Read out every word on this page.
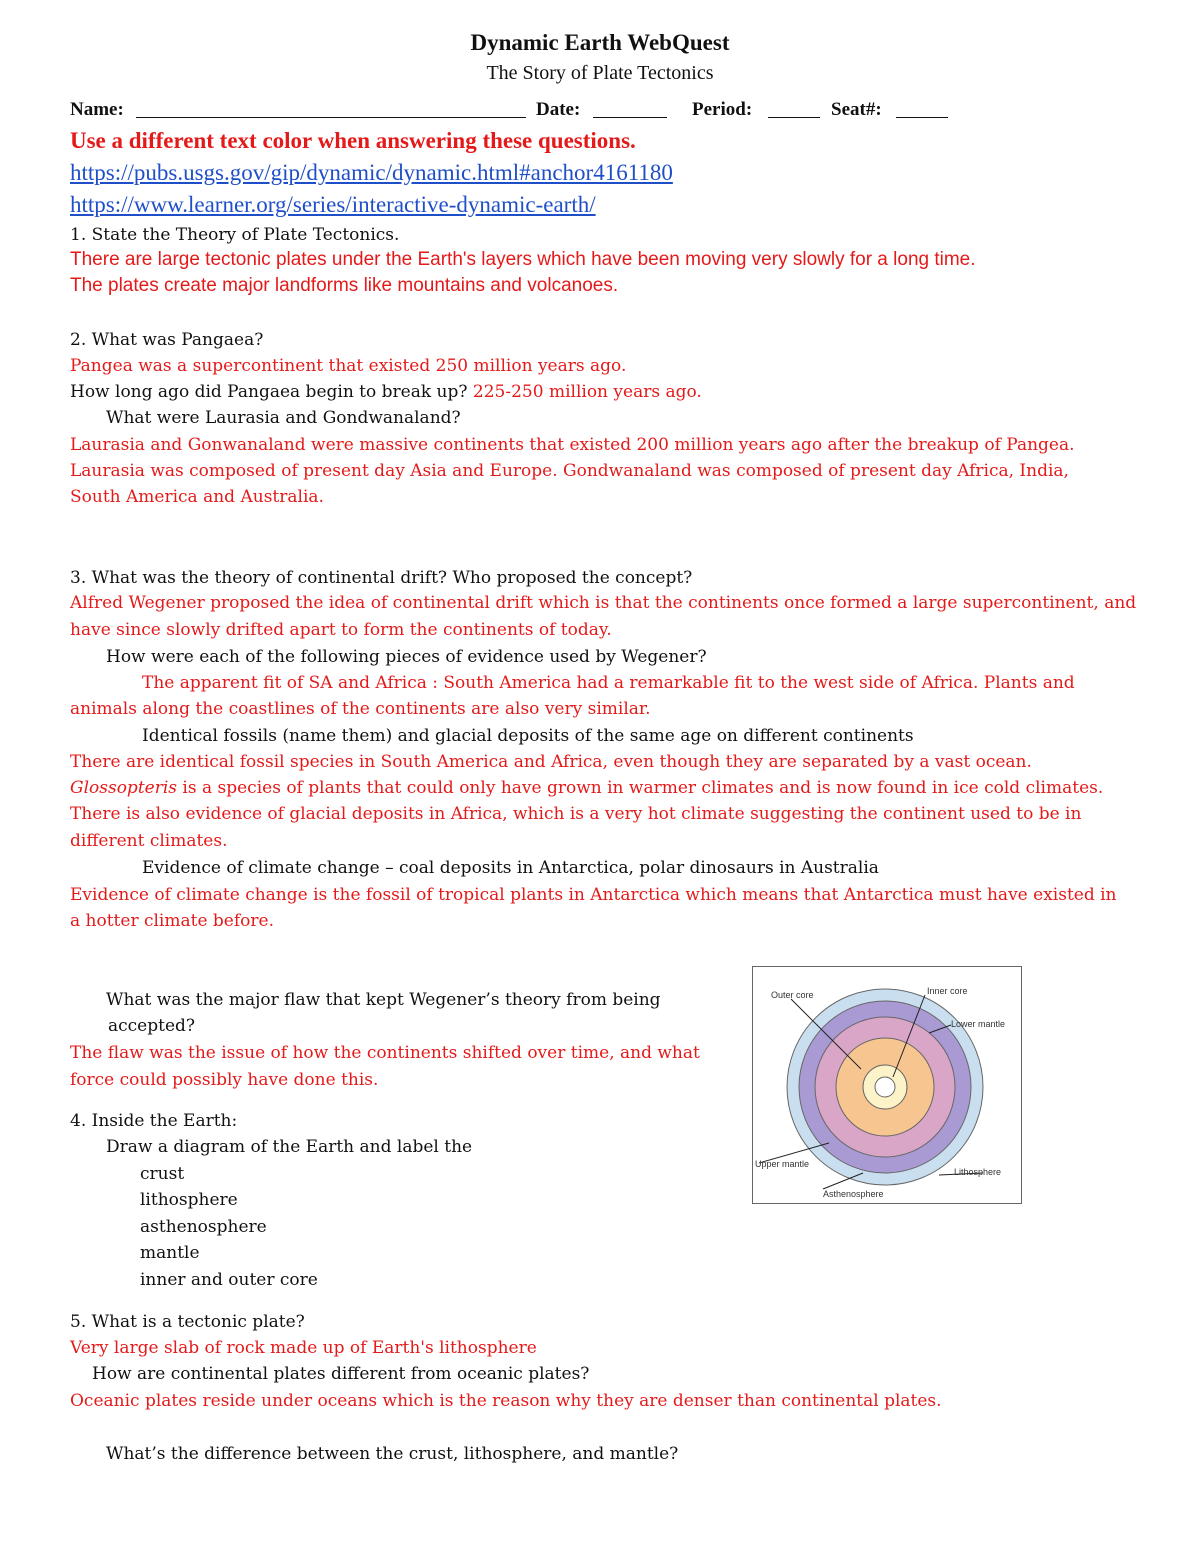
Dynamic Earth WebQuest
The Story of Plate Tectonics
Name:	Date:	Period:	Seat#:
Use a different text color when answering these questions.
https://pubs.usgs.gov/gip/dynamic/dynamic.html#anchor4161180
https://www.learner.org/series/interactive-dynamic-earth/
1. State the Theory of Plate Tectonics.
There are large tectonic plates under the Earth's layers which have been moving very slowly for a long time.
The plates create major landforms like mountains and volcanoes.
2. What was Pangaea?
Pangea was a supercontinent that existed 250 million years ago.
How long ago did Pangaea begin to break up? 225-250 million years ago.
What were Laurasia and Gondwanaland?
Laurasia and Gonwanaland were massive continents that existed 200 million years ago after the breakup of Pangea.
Laurasia was composed of present day Asia and Europe. Gondwanaland was composed of present day Africa, India,
South America and Australia.
3. What was the theory of continental drift? Who proposed the concept?
Alfred Wegener proposed the idea of continental drift which is that the continents once formed a large supercontinent, and
have since slowly drifted apart to form the continents of today.
How were each of the following pieces of evidence used by Wegener?
The apparent fit of SA and Africa : South America had a remarkable fit to the west side of Africa. Plants and
animals along the coastlines of the continents are also very similar.
Identical fossils (name them) and glacial deposits of the same age on different continents
There are identical fossil species in South America and Africa, even though they are separated by a vast ocean.
Glossopteris is a species of plants that could only have grown in warmer climates and is now found in ice cold climates.
There is also evidence of glacial deposits in Africa, which is a very hot climate suggesting the continent used to be in
different climates.
Evidence of climate change – coal deposits in Antarctica, polar dinosaurs in Australia
Evidence of climate change is the fossil of tropical plants in Antarctica which means that Antarctica must have existed in
a hotter climate before.
What was the major flaw that kept Wegener’s theory from being
accepted?
The flaw was the issue of how the continents shifted over time, and what
force could possibly have done this.
4. Inside the Earth:
Draw a diagram of the Earth and label the
crust
lithosphere
asthenosphere
mantle
inner and outer core
Outer core	Inner core
Lower mantle
Upper mantle
Lithosphere
Asthenosphere
5. What is a tectonic plate?
Very large slab of rock made up of Earth's lithosphere
How are continental plates different from oceanic plates?
Oceanic plates reside under oceans which is the reason why they are denser than continental plates.
What’s the difference between the crust, lithosphere, and mantle?
